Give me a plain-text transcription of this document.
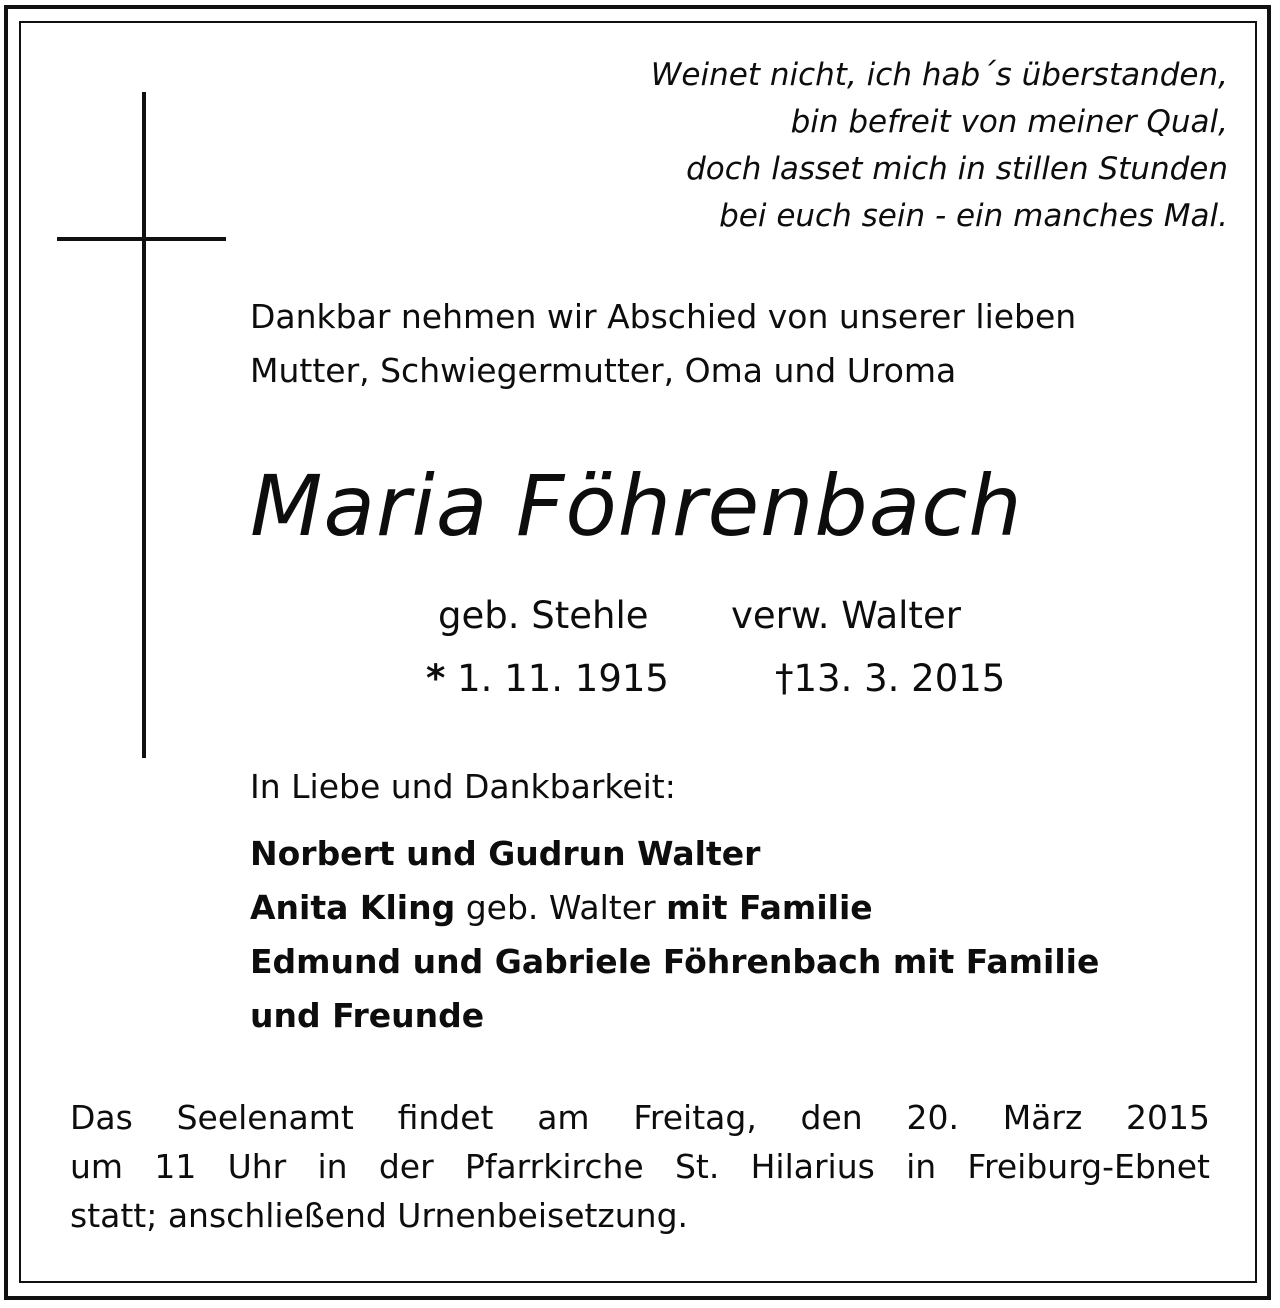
Weinet nicht, ich hab´s überstanden,
bin befreit von meiner Qual,
doch lasset mich in stillen Stunden
bei euch sein - ein manches Mal.
Dankbar nehmen wir Abschied von unserer lieben
Mutter, Schwiegermutter, Oma und Uroma
Maria Föhrenbach
geb. Stehle verw. Walter
* 1. 11. 1915	†13. 3. 2015
In Liebe und Dankbarkeit:
Norbert und Gudrun Walter
Anita Kling geb. Walter mit Familie
Edmund und Gabriele Föhrenbach mit Familie
und Freunde
Das Seelenamt findet am Freitag, den 20. März 2015
um 11 Uhr in der Pfarrkirche St. Hilarius in Freiburg-Ebnet
statt; anschließend Urnenbeisetzung.
